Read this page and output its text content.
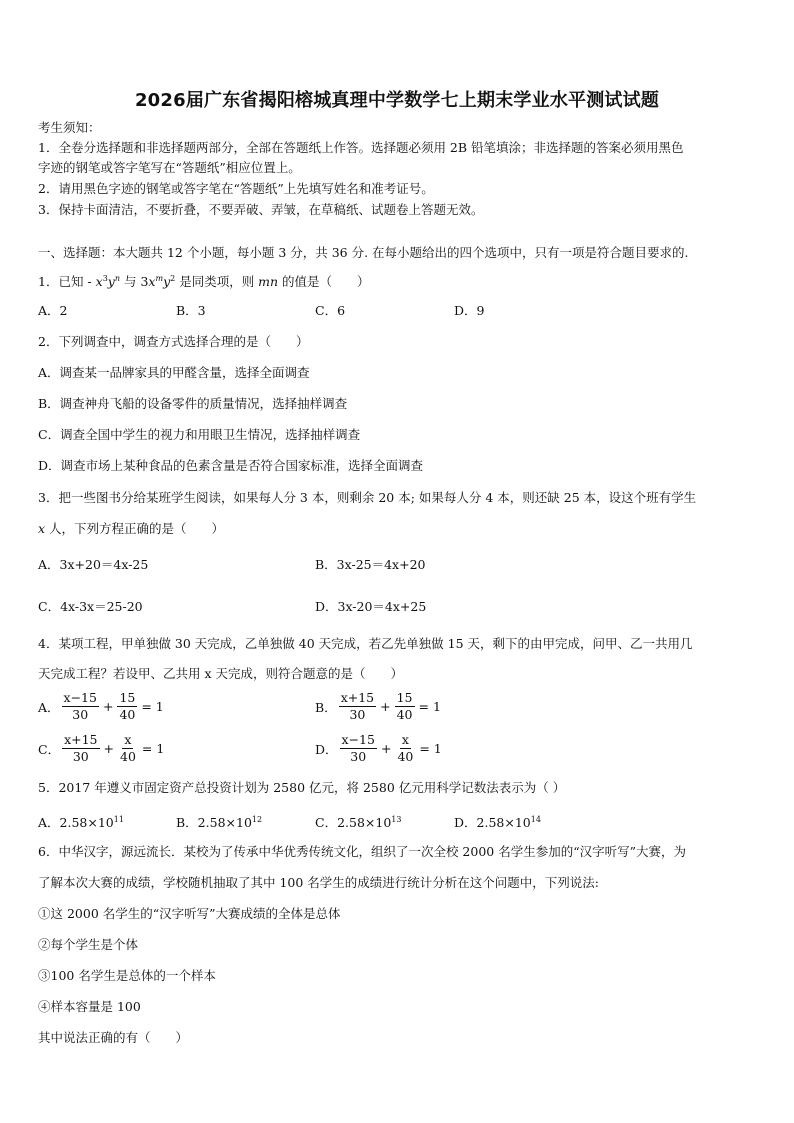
2026届广东省揭阳榕城真理中学数学七上期末学业水平测试试题
考生须知：
1．全卷分选择题和非选择题两部分，全部在答题纸上作答。选择题必须用 2B 铅笔填涂；非选择题的答案必须用黑色
字迹的钢笔或答字笔写在“答题纸”相应位置上。
2．请用黑色字迹的钢笔或答字笔在“答题纸”上先填写姓名和准考证号。
3．保持卡面清洁，不要折叠，不要弄破、弄皱，在草稿纸、试题卷上答题无效。
一、选择题：本大题共 12 个小题，每小题 3 分，共 36 分. 在每小题给出的四个选项中，只有一项是符合题目要求的.
1．已知 - $x^3y^n$ 与 $3x^my^2$ 是同类项，则 mn 的值是（　　）
A．2	B．3	C．6	D．9
2．下列调查中，调查方式选择合理的是（　　）
A．调查某一品牌家具的甲醛含量，选择全面调查
B．调查神舟飞船的设备零件的质量情况，选择抽样调查
C．调查全国中学生的视力和用眼卫生情况，选择抽样调查
D．调查市场上某种食品的色素含量是否符合国家标准，选择全面调查
3．把一些图书分给某班学生阅读，如果每人分 3 本，则剩余 20 本; 如果每人分 4 本，则还缺 25 本，设这个班有学生
x 人，下列方程正确的是（　　）
A．3x+20＝4x-25	B．3x-25＝4x+20
C．4x-3x＝25-20	D．3x-20＝4x+25
4．某项工程，甲单独做 30 天完成，乙单独做 40 天完成，若乙先单独做 15 天，剩下的由甲完成，问甲、乙一共用几
天完成工程？若设甲、乙共用 x 天完成，则符合题意的是（　　）
A． $\frac{x-15}{30} + \frac{15}{40} = 1$	B． $\frac{x+15}{30} + \frac{15}{40} = 1$
C． $\frac{x+15}{30} + \frac{x}{40} = 1$	D． $\frac{x-15}{30} + \frac{x}{40} = 1$
5．2017 年遵义市固定资产总投资计划为 2580 亿元，将 2580 亿元用科学记数法表示为（ ）
A．$2.58\times 10^{11}$	B．$2.58\times 10^{12}$	C．$2.58\times 10^{13}$	D．$2.58\times 10^{14}$
6．中华汉字，源远流长．某校为了传承中华优秀传统文化，组织了一次全校 2000 名学生参加的“汉字听写”大赛，为
了解本次大赛的成绩，学校随机抽取了其中 100 名学生的成绩进行统计分析在这个问题中，下列说法:
①这 2000 名学生的“汉字听写”大赛成绩的全体是总体
②每个学生是个体
③100 名学生是总体的一个样本
④样本容量是 100
其中说法正确的有（　　）
